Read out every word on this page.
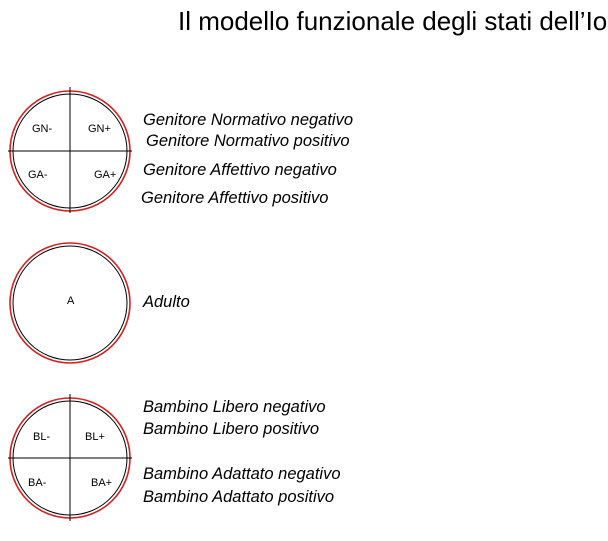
Il modello funzionale degli stati dell’Io
GN-	GN+
GA-	GA+
A
BL-	BL+
BA-	BA+
Genitore Normativo negativo
Genitore Normativo positivo
Genitore Affettivo negativo
Genitore Affettivo positivo
Adulto
Bambino Libero negativo
Bambino Libero positivo
Bambino Adattato negativo
Bambino Adattato positivo
